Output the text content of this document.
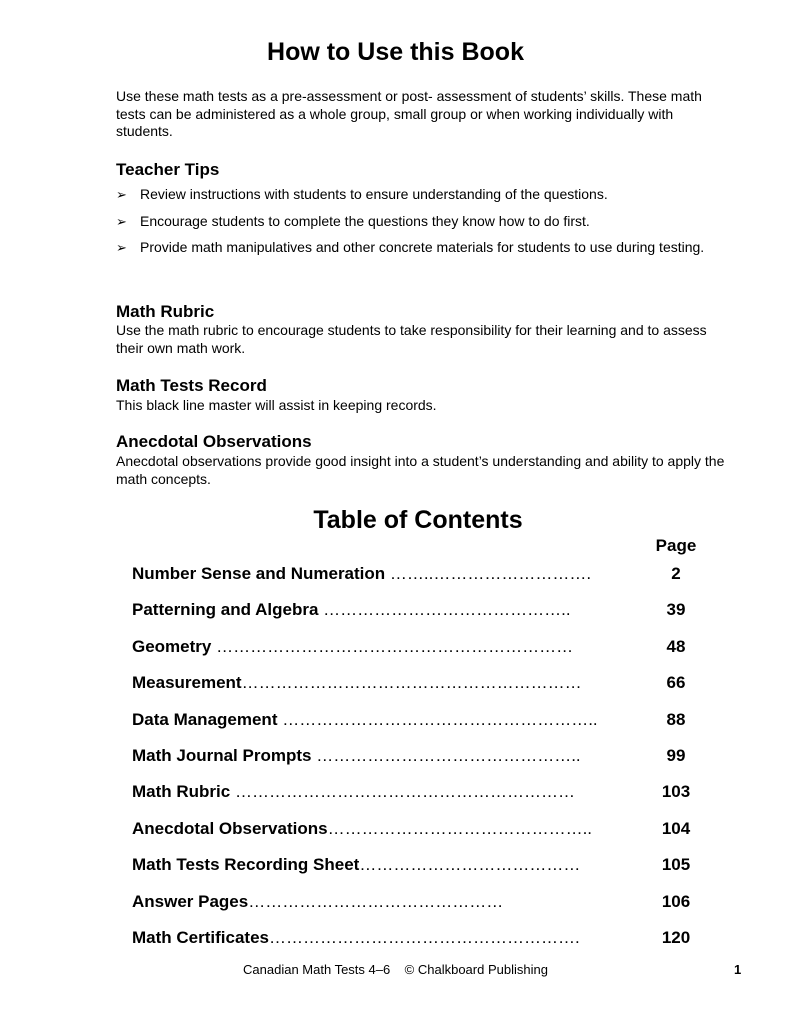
How to Use this Book

Use these math tests as a pre-assessment or post- assessment of students’ skills. These math tests can be administered as a whole group, small group or when working individually with students.

Teacher Tips
➢ Review instructions with students to ensure understanding of the questions.
➢ Encourage students to complete the questions they know how to do first.
➢ Provide math manipulatives and other concrete materials for students to use during testing.
Math Rubric

Use the math rubric to encourage students to take responsibility for their learning and to assess their own math work.

Math Tests Record

This black line master will assist in keeping records.

Anecdotal Observations

Anecdotal observations provide good insight into a student’s understanding and ability to apply the math concepts.

Table of Contents
Page
Number Sense and Numeration ……..……………………….	2
Patterning and Algebra ……………………………………..	39
Geometry ………………………………………………………	48
Measurement……………………………………………………	66
Data Management ………………………………………………..	88
Math Journal Prompts ………………………………………..	99
Math Rubric ……………………………………………………	103
Anecdotal Observations………………………………………..	104
Math Tests Recording Sheet…………………………………	105
Answer Pages………………………………………	106
Math Certificates……………………………………………….	120
Canadian Math Tests 4–6    © Chalkboard Publishing	1
